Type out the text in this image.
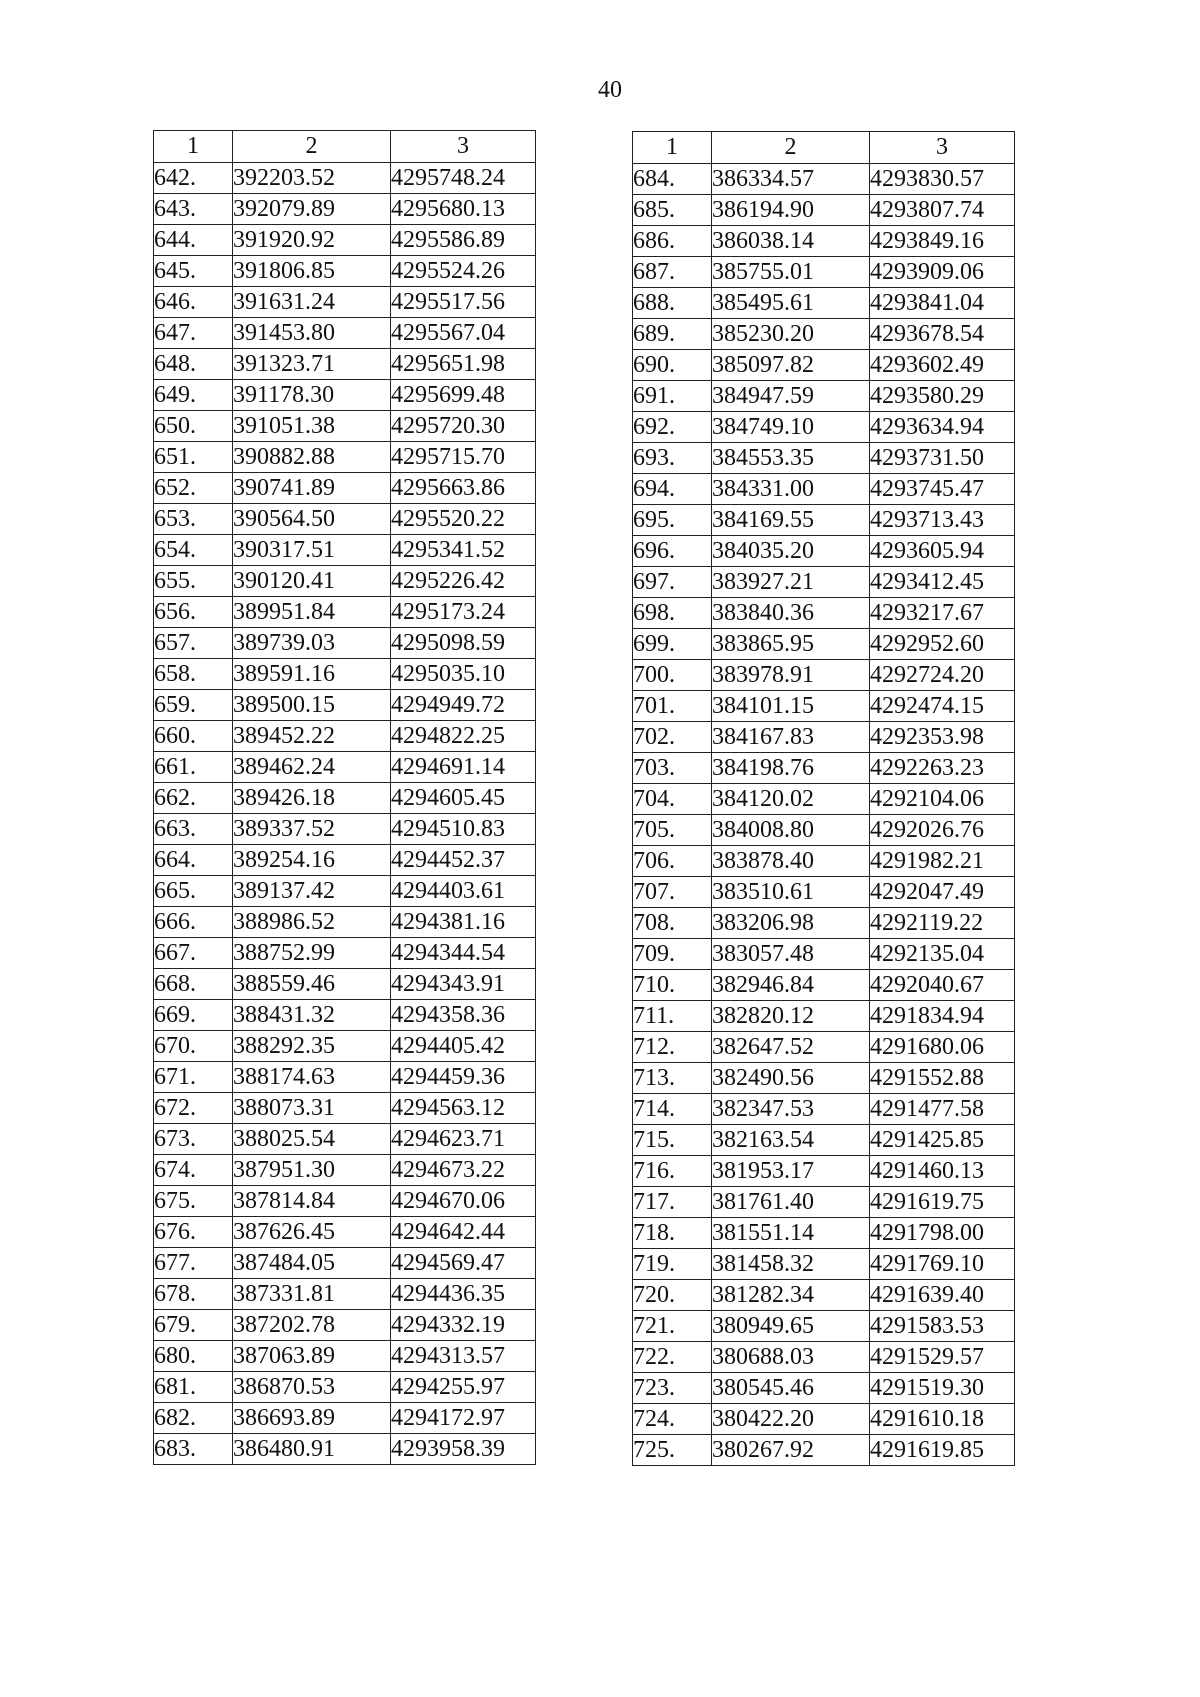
40
1	2	3
642.	392203.52	4295748.24
643.	392079.89	4295680.13
644.	391920.92	4295586.89
645.	391806.85	4295524.26
646.	391631.24	4295517.56
647.	391453.80	4295567.04
648.	391323.71	4295651.98
649.	391178.30	4295699.48
650.	391051.38	4295720.30
651.	390882.88	4295715.70
652.	390741.89	4295663.86
653.	390564.50	4295520.22
654.	390317.51	4295341.52
655.	390120.41	4295226.42
656.	389951.84	4295173.24
657.	389739.03	4295098.59
658.	389591.16	4295035.10
659.	389500.15	4294949.72
660.	389452.22	4294822.25
661.	389462.24	4294691.14
662.	389426.18	4294605.45
663.	389337.52	4294510.83
664.	389254.16	4294452.37
665.	389137.42	4294403.61
666.	388986.52	4294381.16
667.	388752.99	4294344.54
668.	388559.46	4294343.91
669.	388431.32	4294358.36
670.	388292.35	4294405.42
671.	388174.63	4294459.36
672.	388073.31	4294563.12
673.	388025.54	4294623.71
674.	387951.30	4294673.22
675.	387814.84	4294670.06
676.	387626.45	4294642.44
677.	387484.05	4294569.47
678.	387331.81	4294436.35
679.	387202.78	4294332.19
680.	387063.89	4294313.57
681.	386870.53	4294255.97
682.	386693.89	4294172.97
683.	386480.91	4293958.39
1	2	3
684.	386334.57	4293830.57
685.	386194.90	4293807.74
686.	386038.14	4293849.16
687.	385755.01	4293909.06
688.	385495.61	4293841.04
689.	385230.20	4293678.54
690.	385097.82	4293602.49
691.	384947.59	4293580.29
692.	384749.10	4293634.94
693.	384553.35	4293731.50
694.	384331.00	4293745.47
695.	384169.55	4293713.43
696.	384035.20	4293605.94
697.	383927.21	4293412.45
698.	383840.36	4293217.67
699.	383865.95	4292952.60
700.	383978.91	4292724.20
701.	384101.15	4292474.15
702.	384167.83	4292353.98
703.	384198.76	4292263.23
704.	384120.02	4292104.06
705.	384008.80	4292026.76
706.	383878.40	4291982.21
707.	383510.61	4292047.49
708.	383206.98	4292119.22
709.	383057.48	4292135.04
710.	382946.84	4292040.67
711.	382820.12	4291834.94
712.	382647.52	4291680.06
713.	382490.56	4291552.88
714.	382347.53	4291477.58
715.	382163.54	4291425.85
716.	381953.17	4291460.13
717.	381761.40	4291619.75
718.	381551.14	4291798.00
719.	381458.32	4291769.10
720.	381282.34	4291639.40
721.	380949.65	4291583.53
722.	380688.03	4291529.57
723.	380545.46	4291519.30
724.	380422.20	4291610.18
725.	380267.92	4291619.85
